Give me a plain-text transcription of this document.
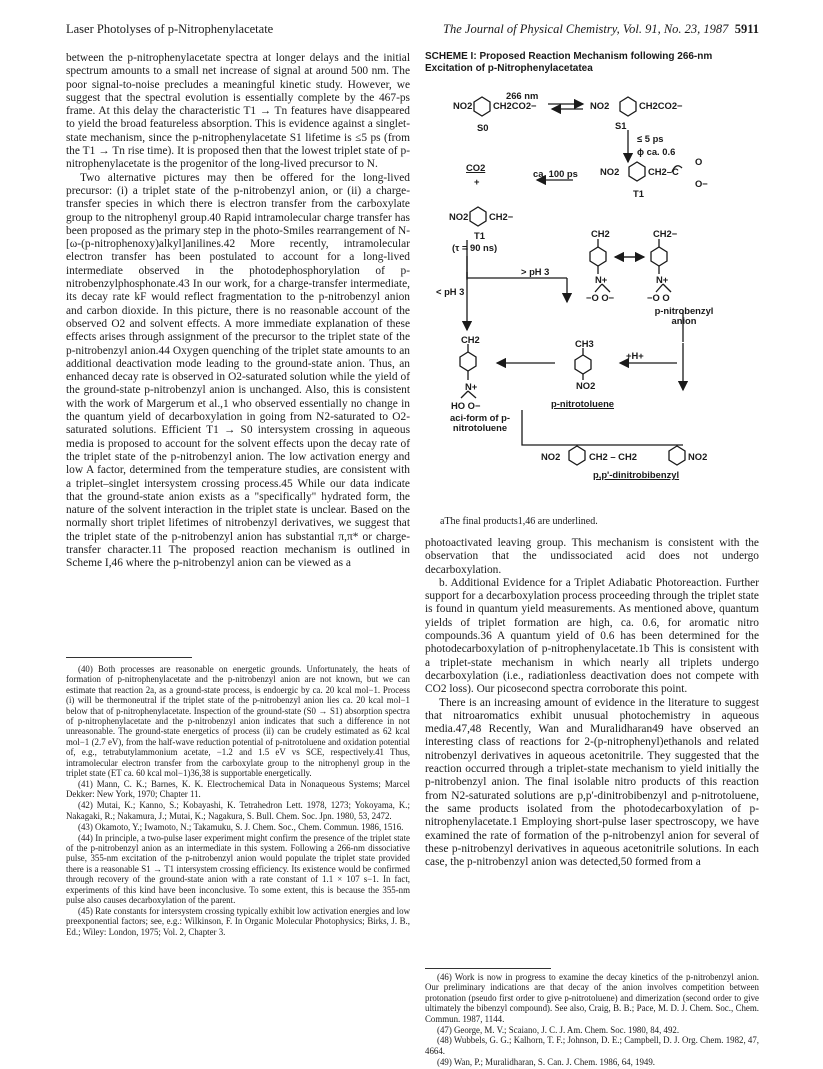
Laser Photolyses of p-Nitrophenylacetate	The Journal of Physical Chemistry, Vol. 91, No. 23, 1987 5911

between the p-nitrophenylacetate spectra at longer delays and the initial spectrum amounts to a small net increase of signal at around 500 nm. The poor signal-to-noise precludes a meaningful kinetic study. However, we suggest that the spectral evolution is essentially complete by the 467-ps frame. At this delay the characteristic T1 → Tn features have disappeared to yield the broad featureless absorption. This is evidence against a singlet-state mechanism, since the p-nitrophenylacetate S1 lifetime is ≤5 ps (from the T1 → Tn rise time). It is proposed then that the lowest triplet state of p-nitrophenylacetate is the progenitor of the long-lived precursor to N.

Two alternative pictures may then be offered for the long-lived precursor: (i) a triplet state of the p-nitrobenzyl anion, or (ii) a charge-transfer species in which there is electron transfer from the carboxylate group to the nitrophenyl group.40 Rapid intramolecular charge transfer has been proposed as the primary step in the photo-Smiles rearrangement of N-[ω-(p-nitrophenoxy)alkyl]anilines.42 More recently, intramolecular electron transfer has been postulated to account for a long-lived intermediate observed in the photodephosphorylation of p-nitrobenzylphosphonate.43 In our work, for a charge-transfer intermediate, its decay rate kF would reflect fragmentation to the p-nitrobenzyl anion and carbon dioxide. In this picture, there is no reasonable account of the observed O2 and solvent effects. A more immediate explanation of these effects arises through assignment of the precursor to the triplet state of the p-nitrobenzyl anion.44 Oxygen quenching of the triplet state amounts to an additional deactivation mode leading to the ground-state anion. Thus, an enhanced decay rate is observed in O2-saturated solution while the yield of the ground-state p-nitrobenzyl anion is unchanged. Also, this is consistent with the work of Margerum et al.,1 who observed essentially no change in the quantum yield of decarboxylation in going from N2-saturated to O2-saturated solutions. Efficient T1 → S0 intersystem crossing in aqueous media is proposed to account for the solvent effects upon the decay rate of the triplet state of the p-nitrobenzyl anion. The low activation energy and low A factor, determined from the temperature studies, are consistent with a triplet–singlet intersystem crossing process.45 While our data indicate that the ground-state anion exists as a "specifically" hydrated form, the nature of the solvent interaction in the triplet state is unclear. Based on the normally short triplet lifetimes of nitrobenzyl derivatives, we suggest that the triplet state of the p-nitrobenzyl anion has substantial π,π* or charge-transfer character.11 The proposed reaction mechanism is outlined in Scheme I,46 where the p-nitrobenzyl anion can be viewed as a

(40) Both processes are reasonable on energetic grounds. Unfortunately, the heats of formation of p-nitrophenylacetate and the p-nitrobenzyl anion are not known, but we can estimate that reaction 2a, as a ground-state process, is endoergic by ca. 20 kcal mol−1. Process (i) will be thermoneutral if the triplet state of the p-nitrobenzyl anion lies ca. 20 kcal mol−1 below that of p-nitrophenylacetate. Inspection of the ground-state (S0 → S1) absorption spectra of p-nitrophenylacetate and the p-nitrobenzyl anion indicates that such a difference in not unreasonable. The ground-state energetics of process (ii) can be crudely estimated as 62 kcal mol−1 (2.7 eV), from the half-wave reduction potential of p-nitrotoluene and oxidation potential of, e.g., tetrabutylammonium acetate, −1.2 and 1.5 eV vs SCE, respectively.41 Thus, intramolecular electron transfer from the carboxylate group to the nitrophenyl group in the triplet state (ET ca. 60 kcal mol−1)36,38 is supportable energetically.

(41) Mann, C. K.; Barnes, K. K. Electrochemical Data in Nonaqueous Systems; Marcel Dekker: New York, 1970; Chapter 11.

(42) Mutai, K.; Kanno, S.; Kobayashi, K. Tetrahedron Lett. 1978, 1273; Yokoyama, K.; Nakagaki, R.; Nakamura, J.; Mutai, K.; Nagakura, S. Bull. Chem. Soc. Jpn. 1980, 53, 2472.

(43) Okamoto, Y.; Iwamoto, N.; Takamuku, S. J. Chem. Soc., Chem. Commun. 1986, 1516.

(44) In principle, a two-pulse laser experiment might confirm the presence of the triplet state of the p-nitrobenzyl anion as an intermediate in this system. Following a 266-nm dissociative pulse, 355-nm excitation of the p-nitrobenzyl anion would populate the triplet state provided there is a reasonable S1 → T1 intersystem crossing efficiency. Its existence would be confirmed through recovery of the ground-state anion with a rate constant of 1.1 × 107 s−1. In fact, experiments of this kind have been inconclusive. To some extent, this is because the 355-nm pulse also causes decarboxylation of the parent.

(45) Rate constants for intersystem crossing typically exhibit low activation energies and low preexponential factors; see, e.g.: Wilkinson, F. In Organic Molecular Photophysics; Birks, J. B., Ed.; Wiley: London, 1975; Vol. 2, Chapter 3.

SCHEME I: Proposed Reaction Mechanism following 266-nm Excitation of p-Nitrophenylacetatea
266 nm
NO2 CH2CO2−	NO2	CH2CO2−
S0	S1
≤ 5 ps
ϕ ca. 0.6
CO2
+
ca. 100 ps NO2	CH2–C
O
O−
T1
NO2 CH2−
T1
(τ = 90 ns)
> pH 3
< pH 3
CH2	CH2−
N+	N+
−O O−	−O O
p-nitrobenzyl anion
CH2	CH3
+H+
N+	NO2
HO O−	p-nitrotoluene
aci-form of p-nitrotoluene
NO2	CH2 – CH2	NO2
p,p'-dinitrobibenzyl
aThe final products1,46 are underlined.

photoactivated leaving group. This mechanism is consistent with the observation that the undissociated acid does not undergo decarboxylation.

b. Additional Evidence for a Triplet Adiabatic Photoreaction. Further support for a decarboxylation process proceeding through the triplet state is found in quantum yield measurements. As mentioned above, quantum yields of triplet formation are high, ca. 0.6, for aromatic nitro compounds.36 A quantum yield of 0.6 has been determined for the photodecarboxylation of p-nitrophenylacetate.1b This is consistent with a triplet-state mechanism in which nearly all triplets undergo decarboxylation (i.e., radiationless deactivation does not compete with CO2 loss). Our picosecond spectra corroborate this point.

There is an increasing amount of evidence in the literature to suggest that nitroaromatics exhibit unusual photochemistry in aqueous media.47,48 Recently, Wan and Muralidharan49 have observed an interesting class of reactions for 2-(p-nitrophenyl)ethanols and related nitrobenzyl derivatives in aqueous acetonitrile. They suggested that the reaction occurred through a triplet-state mechanism to yield initially the p-nitrobenzyl anion. The final isolable nitro products of this reaction from N2-saturated solutions are p,p'-dinitrobibenzyl and p-nitrotoluene, the same products isolated from the photodecarboxylation of p-nitrophenylacetate.1 Employing short-pulse laser spectroscopy, we have examined the rate of formation of the p-nitrobenzyl anion for several of these p-nitrobenzyl derivatives in aqueous acetonitrile solutions. In each case, the p-nitrobenzyl anion was detected,50 formed from a

(46) Work is now in progress to examine the decay kinetics of the p-nitrobenzyl anion. Our preliminary indications are that decay of the anion involves competition between protonation (pseudo first order to give p-nitrotoluene) and dimerization (second order to give ultimately the bibenzyl compound). See also, Craig, B. B.; Pace, M. D. J. Chem. Soc., Chem. Commun. 1987, 1144.

(47) George, M. V.; Scaiano, J. C. J. Am. Chem. Soc. 1980, 84, 492.

(48) Wubbels, G. G.; Kalhorn, T. F.; Johnson, D. E.; Campbell, D. J. Org. Chem. 1982, 47, 4664.

(49) Wan, P.; Muralidharan, S. Can. J. Chem. 1986, 64, 1949.
